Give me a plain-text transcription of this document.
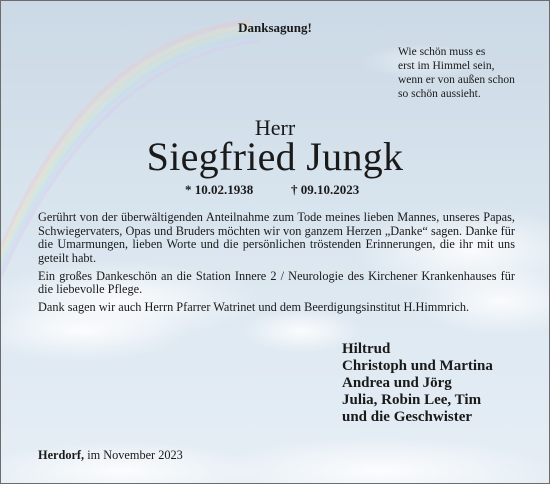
Danksagung!
Wie schön muss es
erst im Himmel sein,
wenn er von außen schon
so schön aussieht.
Herr
Siegfried Jungk
* 10.02.1938	† 09.10.2023

Gerührt von der überwältigenden Anteilnahme zum Tode meines lieben Mannes, unseres Papas, Schwiegervaters, Opas und Bruders möchten wir von ganzem Herzen „Danke“ sagen. Danke für die Umarmungen, lieben Worte und die persönlichen tröstenden Erinnerungen, die ihr mit uns geteilt habt.

Ein großes Dankeschön an die Station Innere 2 / Neurologie des Kirchener Krankenhauses für die liebevolle Pflege.

Dank sagen wir auch Herrn Pfarrer Watrinet und dem Beerdigungsinstitut H.Himmrich.

Hiltrud
Christoph und Martina
Andrea und Jörg
Julia, Robin Lee, Tim
und die Geschwister
Herdorf, im November 2023
